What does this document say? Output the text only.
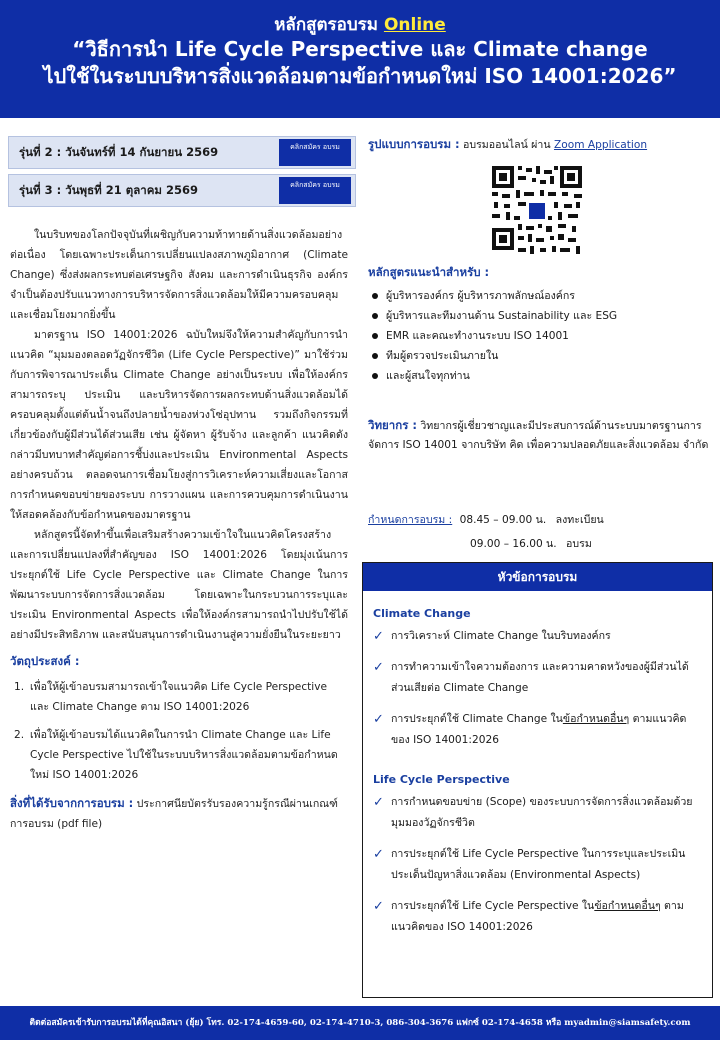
หลักสูตรอบรม Online
“วิธีการนำ Life Cycle Perspective และ Climate change
ไปใช้ในระบบบริหารสิ่งแวดล้อมตามข้อกำหนดใหม่ ISO 14001:2026”
รุ่นที่ 2 : วันจันทร์ที่ 14 กันยายน 2569	คลิกสมัคร อบรม
รุ่นที่ 3 : วันพุธที่ 21 ตุลาคม 2569	คลิกสมัคร อบรม

ในบริบทของโลกปัจจุบันที่เผชิญกับความท้าทายด้านสิ่งแวดล้อมอย่างต่อเนื่อง โดยเฉพาะประเด็นการเปลี่ยนแปลงสภาพภูมิอากาศ (Climate Change) ซึ่งส่งผลกระทบต่อเศรษฐกิจ สังคม และการดำเนินธุรกิจ องค์กรจำเป็นต้องปรับแนวทางการบริหารจัดการสิ่งแวดล้อมให้มีความครอบคลุมและเชื่อมโยงมากยิ่งขึ้น

มาตรฐาน ISO 14001:2026 ฉบับใหม่จึงให้ความสำคัญกับการนำแนวคิด “มุมมองตลอดวัฏจักรชีวิต (Life Cycle Perspective)” มาใช้ร่วมกับการพิจารณาประเด็น Climate Change อย่างเป็นระบบ เพื่อให้องค์กรสามารถระบุ ประเมิน และบริหารจัดการผลกระทบด้านสิ่งแวดล้อมได้ครอบคลุมตั้งแต่ต้นน้ำจนถึงปลายน้ำของห่วงโซ่อุปทาน รวมถึงกิจกรรมที่เกี่ยวข้องกับผู้มีส่วนได้ส่วนเสีย เช่น ผู้จัดหา ผู้รับจ้าง และลูกค้า แนวคิดดังกล่าวมีบทบาทสำคัญต่อการชี้บ่งและประเมิน Environmental Aspects อย่างครบถ้วน ตลอดจนการเชื่อมโยงสู่การวิเคราะห์ความเสี่ยงและโอกาส การกำหนดขอบข่ายของระบบ การวางแผน และการควบคุมการดำเนินงานให้สอดคล้องกับข้อกำหนดของมาตรฐาน

หลักสูตรนี้จัดทำขึ้นเพื่อเสริมสร้างความเข้าใจในแนวคิดโครงสร้าง และการเปลี่ยนแปลงที่สำคัญของ ISO 14001:2026 โดยมุ่งเน้นการประยุกต์ใช้ Life Cycle Perspective และ Climate Change ในการพัฒนาระบบการจัดการสิ่งแวดล้อม โดยเฉพาะในกระบวนการระบุและประเมิน Environmental Aspects เพื่อให้องค์กรสามารถนำไปปรับใช้ได้อย่างมีประสิทธิภาพ และสนับสนุนการดำเนินงานสู่ความยั่งยืนในระยะยาว

วัตถุประสงค์ :
1. เพื่อให้ผู้เข้าอบรมสามารถเข้าใจแนวคิด Life Cycle Perspective และ Climate Change ตาม ISO 14001:2026
2. เพื่อให้ผู้เข้าอบรมได้แนวคิดในการนำ Climate Change และ Life Cycle Perspective ไปใช้ในระบบบริหารสิ่งแวดล้อมตามข้อกำหนดใหม่ ISO 14001:2026
สิ่งที่ได้รับจากการอบรม : ประกาศนียบัตรรับรองความรู้กรณีผ่านเกณฑ์การอบรม (pdf file)
รูปแบบการอบรม : อบรมออนไลน์ ผ่าน Zoom Application
หลักสูตรแนะนำสำหรับ :
ผู้บริหารองค์กร ผู้บริหารภาพลักษณ์องค์กร
ผู้บริหารและทีมงานด้าน Sustainability และ ESG
EMR และคณะทำงานระบบ ISO 14001
ทีมผู้ตรวจประเมินภายใน
และผู้สนใจทุกท่าน
วิทยากร : วิทยากรผู้เชี่ยวชาญและมีประสบการณ์ด้านระบบมาตรฐานการจัดการ ISO 14001 จากบริษัท คิด เพื่อความปลอดภัยและสิ่งแวดล้อม จำกัด
กำหนดการอบรม : 08.45 – 09.00 น. ลงทะเบียน
09.00 – 16.00 น. อบรม
หัวข้อการอบรม
Climate Change
✓ การวิเคราะห์ Climate Change ในบริบทองค์กร
✓ การทำความเข้าใจความต้องการ และความคาดหวังของผู้มีส่วนได้ส่วนเสียต่อ Climate Change
✓ การประยุกต์ใช้ Climate Change ในข้อกำหนดอื่นๆ ตามแนวคิดของ ISO 14001:2026
Life Cycle Perspective
✓ การกำหนดขอบข่าย (Scope) ของระบบการจัดการสิ่งแวดล้อมด้วยมุมมองวัฏจักรชีวิต
✓ การประยุกต์ใช้ Life Cycle Perspective ในการระบุและประเมินประเด็นปัญหาสิ่งแวดล้อม (Environmental Aspects)
✓ การประยุกต์ใช้ Life Cycle Perspective ในข้อกำหนดอื่นๆ ตามแนวคิดของ ISO 14001:2026
ติดต่อสมัครเข้ารับการอบรมได้ที่คุณอิสนา (ยุ้ย) โทร. 02-174-4659-60, 02-174-4710-3, 086-304-3676 แฟกซ์ 02-174-4658 หรือ myadmin@siamsafety.com
